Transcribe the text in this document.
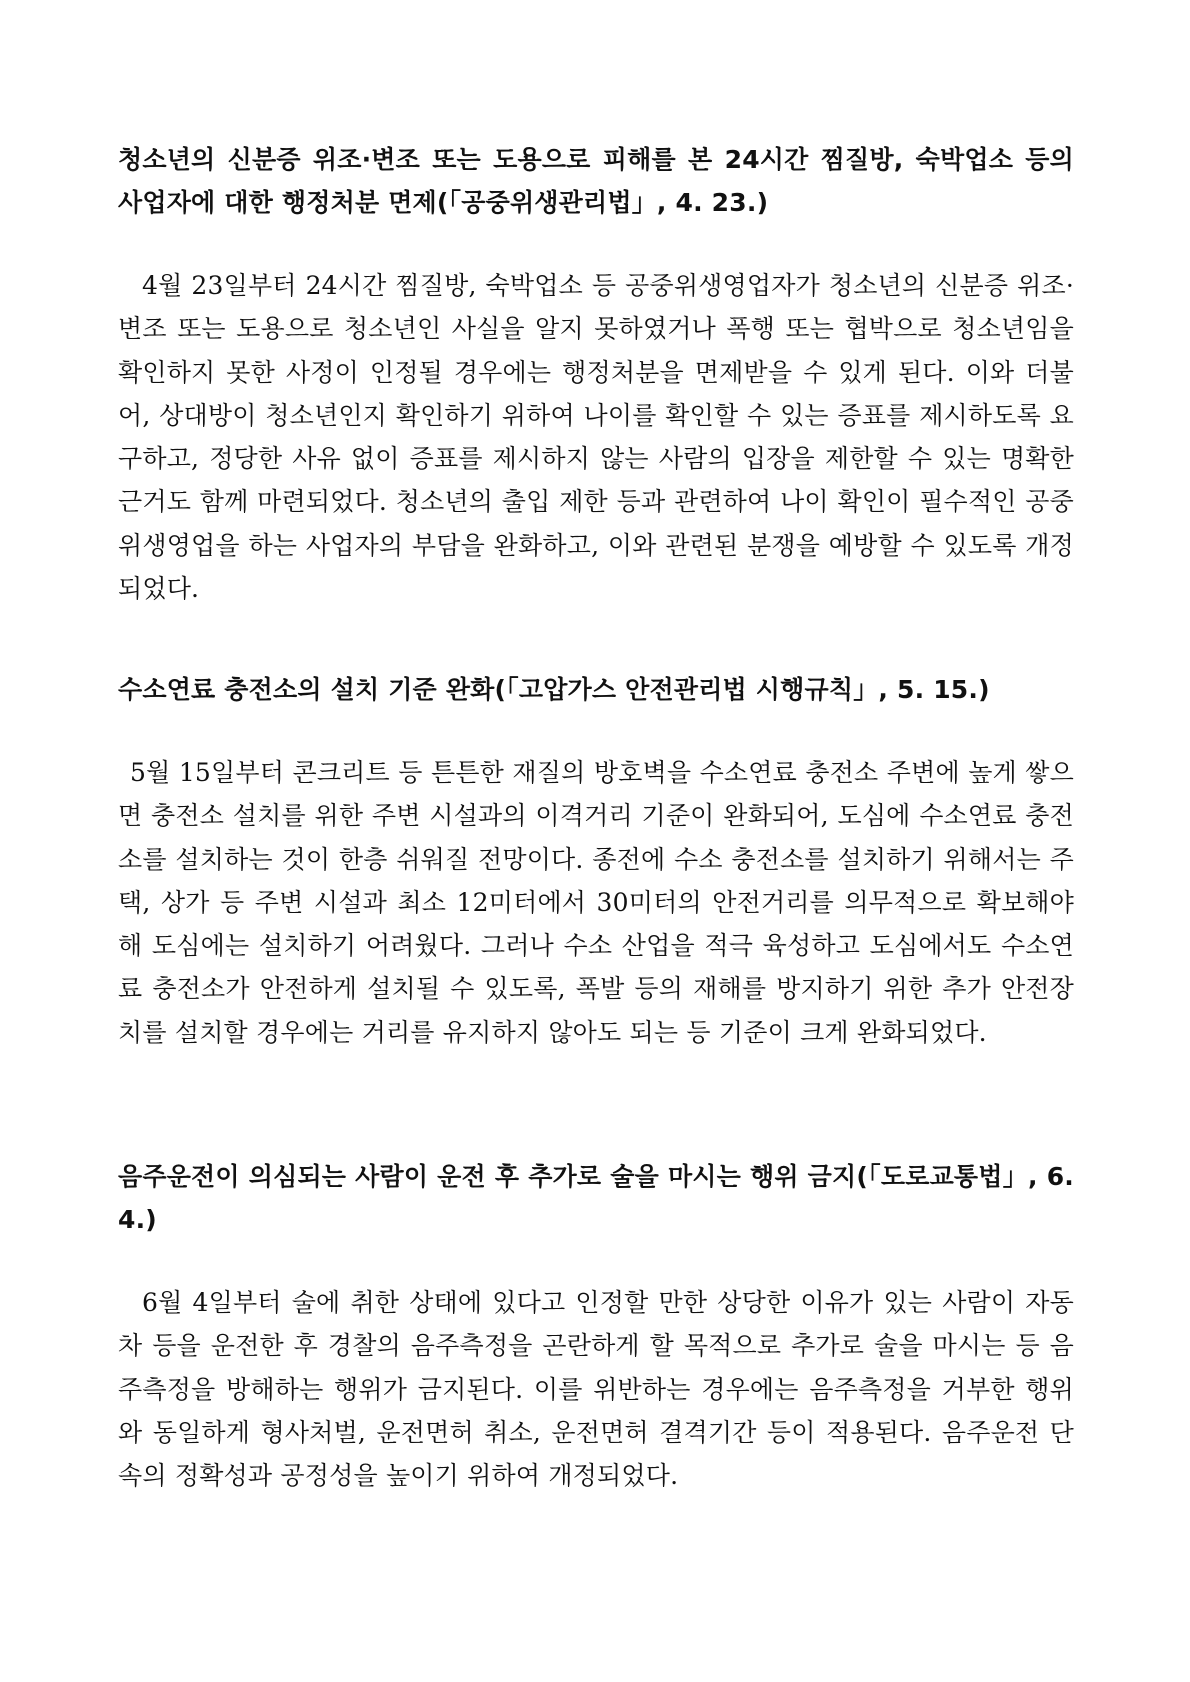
청소년의 신분증 위조·변조 또는 도용으로 피해를 본 24시간 찜질방, 숙박업소 등의 사업자에 대한 행정처분 면제(「공중위생관리법」, 4. 23.)

4월 23일부터 24시간 찜질방, 숙박업소 등 공중위생영업자가 청소년의 신분증 위조·변조 또는 도용으로 청소년인 사실을 알지 못하였거나 폭행 또는 협박으로 청소년임을 확인하지 못한 사정이 인정될 경우에는 행정처분을 면제받을 수 있게 된다. 이와 더불어, 상대방이 청소년인지 확인하기 위하여 나이를 확인할 수 있는 증표를 제시하도록 요구하고, 정당한 사유 없이 증표를 제시하지 않는 사람의 입장을 제한할 수 있는 명확한 근거도 함께 마련되었다. 청소년의 출입 제한 등과 관련하여 나이 확인이 필수적인 공중위생영업을 하는 사업자의 부담을 완화하고, 이와 관련된 분쟁을 예방할 수 있도록 개정되었다.

수소연료 충전소의 설치 기준 완화(「고압가스 안전관리법 시행규칙」, 5. 15.)

5월 15일부터 콘크리트 등 튼튼한 재질의 방호벽을 수소연료 충전소 주변에 높게 쌓으면 충전소 설치를 위한 주변 시설과의 이격거리 기준이 완화되어, 도심에 수소연료 충전소를 설치하는 것이 한층 쉬워질 전망이다. 종전에 수소 충전소를 설치하기 위해서는 주택, 상가 등 주변 시설과 최소 12미터에서 30미터의 안전거리를 의무적으로 확보해야 해 도심에는 설치하기 어려웠다. 그러나 수소 산업을 적극 육성하고 도심에서도 수소연료 충전소가 안전하게 설치될 수 있도록, 폭발 등의 재해를 방지하기 위한 추가 안전장치를 설치할 경우에는 거리를 유지하지 않아도 되는 등 기준이 크게 완화되었다.

음주운전이 의심되는 사람이 운전 후 추가로 술을 마시는 행위 금지(「도로교통법」, 6. 4.)

6월 4일부터 술에 취한 상태에 있다고 인정할 만한 상당한 이유가 있는 사람이 자동차 등을 운전한 후 경찰의 음주측정을 곤란하게 할 목적으로 추가로 술을 마시는 등 음주측정을 방해하는 행위가 금지된다. 이를 위반하는 경우에는 음주측정을 거부한 행위와 동일하게 형사처벌, 운전면허 취소, 운전면허 결격기간 등이 적용된다. 음주운전 단속의 정확성과 공정성을 높이기 위하여 개정되었다.
